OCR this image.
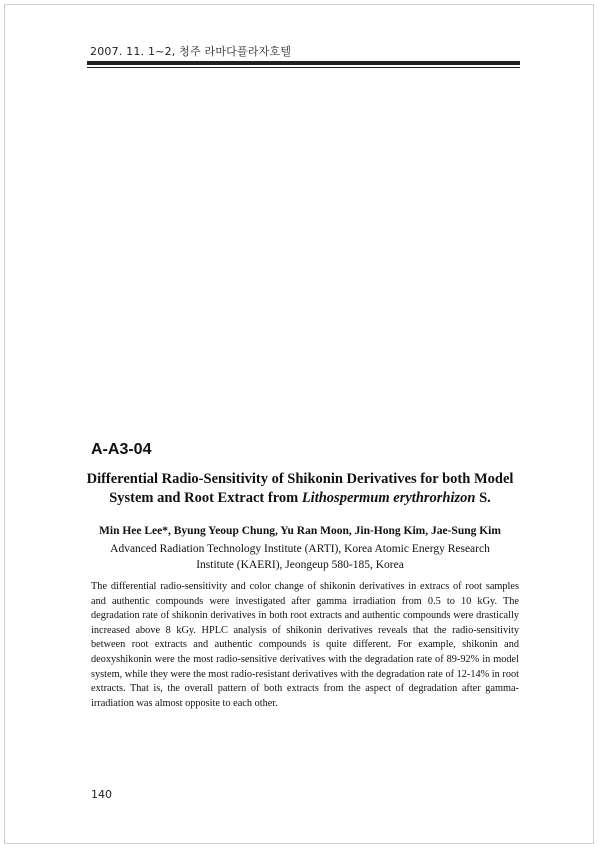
2007. 11. 1~2, 청주 라마다플라자호텔
A-A3-04
Differential Radio-Sensitivity of Shikonin Derivatives for both Model System and Root Extract from Lithospermum erythrorhizon S.
Min Hee Lee*, Byung Yeoup Chung, Yu Ran Moon, Jin-Hong Kim, Jae-Sung Kim
Advanced Radiation Technology Institute (ARTI), Korea Atomic Energy Research
Institute (KAERI), Jeongeup 580-185, Korea
The differential radio-sensitivity and color change of shikonin derivatives in extracs of root samples and authentic compounds were investigated after gamma irradiation from 0.5 to 10 kGy. The degradation rate of shikonin derivatives in both root extracts and authentic compounds were drastically increased above 8 kGy. HPLC analysis of shikonin derivatives reveals that the radio-sensitivity between root extracts and authentic compounds is quite different. For example, shikonin and deoxyshikonin were the most radio-sensitive derivatives with the degradation rate of 89-92% in model system, while they were the most radio-resistant derivatives with the degradation rate of 12-14% in root extracts. That is, the overall pattern of both extracts from the aspect of degradation after gamma-irradiation was almost opposite to each other.
140
